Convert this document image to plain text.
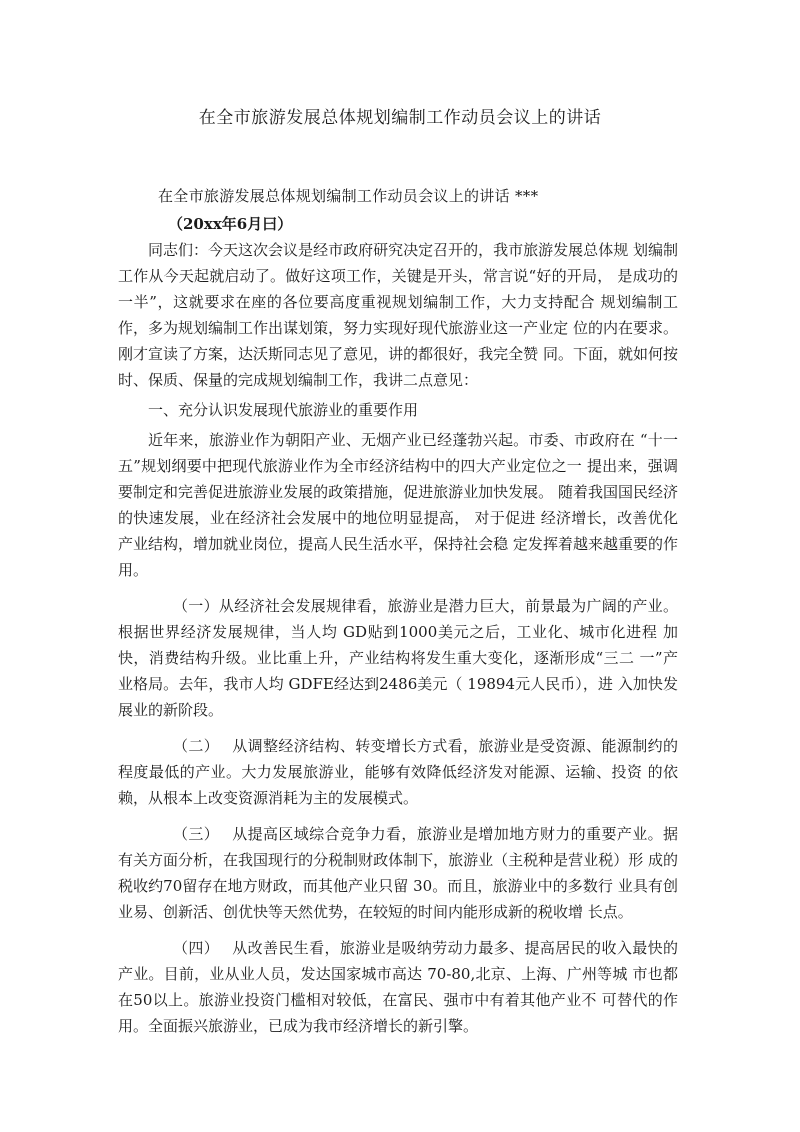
在全市旅游发展总体规划编制工作动员会议上的讲话
在全市旅游发展总体规划编制工作动员会议上的讲话 ***
（20xx年6月曰）

同志们：今天这次会议是经市政府研究决定召开的，我市旅游发展总体规 划编制工作从今天起就启动了。做好这项工作，关键是开头，常言说“好的开局， 是成功的一半”，这就要求在座的各位要高度重视规划编制工作，大力支持配合 规划编制工作，多为规划编制工作出谋划策，努力实现好现代旅游业这一产业定 位的内在要求。刚才宣读了方案，达沃斯同志见了意见，讲的都很好，我完全赞 同。下面，就如何按时、保质、保量的完成规划编制工作，我讲二点意见：

一、充分认识发展现代旅游业的重要作用

近年来，旅游业作为朝阳产业、无烟产业已经蓬勃兴起。市委、市政府在 “十一五”规划纲要中把现代旅游业作为全市经济结构中的四大产业定位之一 提出来，强调要制定和完善促进旅游业发展的政策措施，促进旅游业加快发展。 随着我国国民经济的快速发展，业在经济社会发展中的地位明显提高， 对于促进 经济增长，改善优化产业结构，增加就业岗位，提高人民生活水平，保持社会稳 定发挥着越来越重要的作用。

（一）从经济社会发展规律看，旅游业是潜力巨大，前景最为广阔的产业。根据世界经济发展规律，当人均 GD贴到1000美元之后，工业化、城市化进程 加快，消费结构升级。业比重上升，产业结构将发生重大变化，逐渐形成“三二 一”产业格局。去年，我市人均 GDFE经达到2486美元（ 19894元人民币），进 入加快发展业的新阶段。

（二）　 从调整经济结构、转变增长方式看，旅游业是受资源、能源制约的程度最低的产业。大力发展旅游业，能够有效降低经济发对能源、运输、投资 的依赖，从根本上改变资源消耗为主的发展模式。

（三）　 从提高区域综合竞争力看，旅游业是增加地方财力的重要产业。据有关方面分析，在我国现行的分税制财政体制下，旅游业（主税种是营业税）形 成的税收约70留存在地方财政，而其他产业只留 30。而且，旅游业中的多数行 业具有创业易、创新活、创优快等天然优势，在较短的时间内能形成新的税收增 长点。

（四）　 从改善民生看，旅游业是吸纳劳动力最多、提高居民的收入最快的产业。目前，业从业人员，发达国家城市高达 70-80,北京、上海、广州等城 市也都在50以上。旅游业投资门槛相对较低，在富民、强市中有着其他产业不 可替代的作用。全面振兴旅游业，已成为我市经济增长的新引擎。
